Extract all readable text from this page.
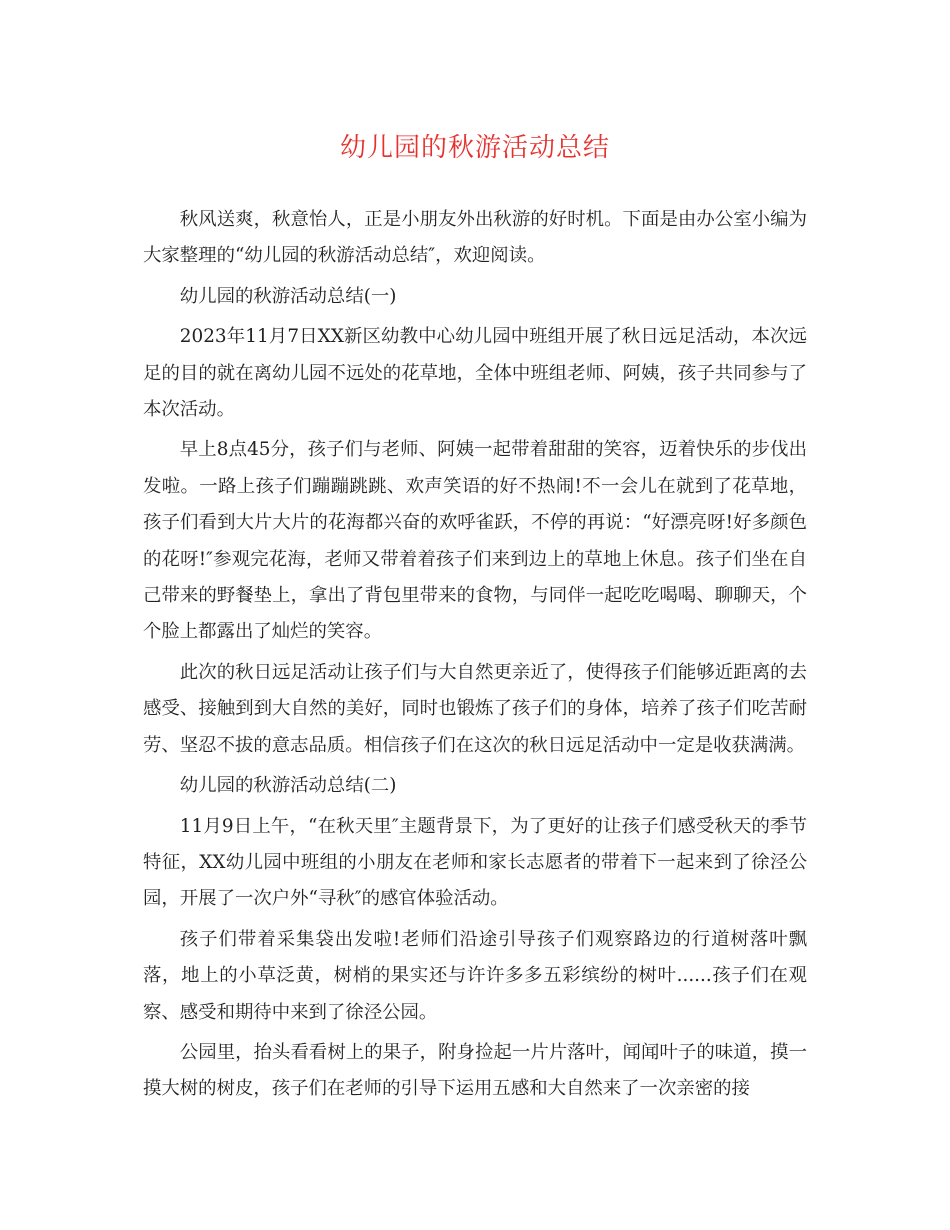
幼儿园的秋游活动总结

秋风送爽，秋意怡人，正是小朋友外出秋游的好时机。下面是由办公室小编为大家整理的“幼儿园的秋游活动总结″，欢迎阅读。

幼儿园的秋游活动总结(一)

2023年11月7日XX新区幼教中心幼儿园中班组开展了秋日远足活动，本次远足的目的就在离幼儿园不远处的花草地，全体中班组老师、阿姨，孩子共同参与了本次活动。

早上8点45分，孩子们与老师、阿姨一起带着甜甜的笑容，迈着快乐的步伐出发啦。一路上孩子们蹦蹦跳跳、欢声笑语的好不热闹!不一会儿在就到了花草地，孩子们看到大片大片的花海都兴奋的欢呼雀跃，不停的再说：“好漂亮呀!好多颜色的花呀!″参观完花海，老师又带着着孩子们来到边上的草地上休息。孩子们坐在自己带来的野餐垫上，拿出了背包里带来的食物，与同伴一起吃吃喝喝、聊聊天，个个脸上都露出了灿烂的笑容。

此次的秋日远足活动让孩子们与大自然更亲近了，使得孩子们能够近距离的去感受、接触到到大自然的美好，同时也锻炼了孩子们的身体，培养了孩子们吃苦耐劳、坚忍不拔的意志品质。相信孩子们在这次的秋日远足活动中一定是收获满满。

幼儿园的秋游活动总结(二)

11月9日上午，“在秋天里″主题背景下，为了更好的让孩子们感受秋天的季节特征，XX幼儿园中班组的小朋友在老师和家长志愿者的带着下一起来到了徐泾公园，开展了一次户外“寻秋″的感官体验活动。

孩子们带着采集袋出发啦!老师们沿途引导孩子们观察路边的行道树落叶飘落，地上的小草泛黄，树梢的果实还与许许多多五彩缤纷的树叶......孩子们在观察、感受和期待中来到了徐泾公园。

公园里，抬头看看树上的果子，附身捡起一片片落叶，闻闻叶子的味道，摸一摸大树的树皮，孩子们在老师的引导下运用五感和大自然来了一次亲密的接
